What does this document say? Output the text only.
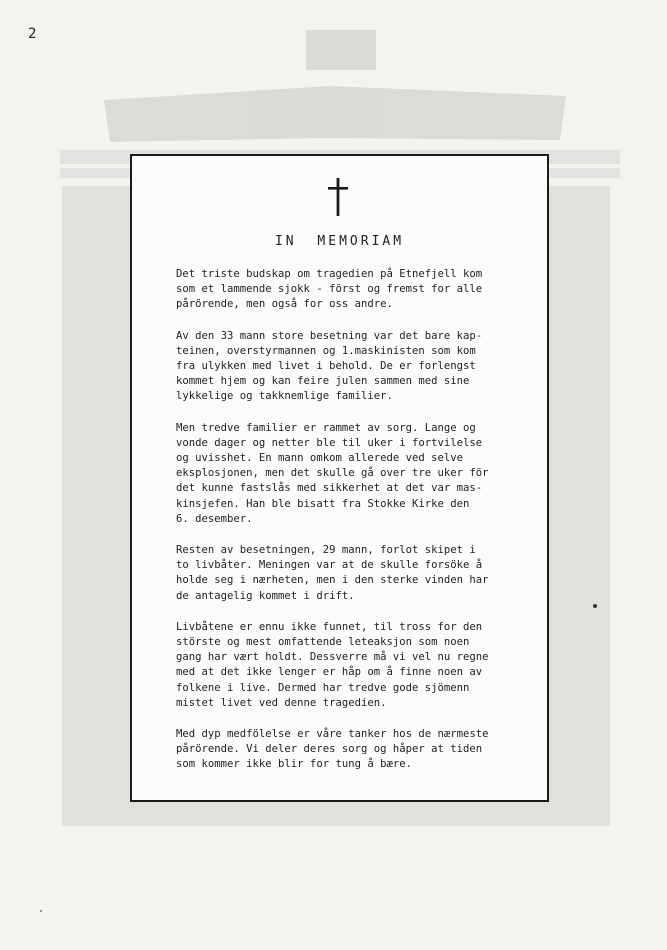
2
IN MEMORIAM

Det triste budskap om tragedien på Etnefjell kom
som et lammende sjokk - först og fremst for alle
pårörende, men også for oss andre.

Av den 33 mann store besetning var det bare kap-
teinen, overstyrmannen og 1.maskinisten som kom
fra ulykken med livet i behold. De er forlengst
kommet hjem og kan feire julen sammen med sine
lykkelige og takknemlige familier.

Men tredve familier er rammet av sorg. Lange og
vonde dager og netter ble til uker i fortvilelse
og uvisshet. En mann omkom allerede ved selve
eksplosjonen, men det skulle gå over tre uker för
det kunne fastslås med sikkerhet at det var mas-
kinsjefen. Han ble bisatt fra Stokke Kirke den
6. desember.

Resten av besetningen, 29 mann, forlot skipet i
to livbåter. Meningen var at de skulle forsöke å
holde seg i nærheten, men i den sterke vinden har
de antagelig kommet i drift.

Livbåtene er ennu ikke funnet, til tross for den
störste og mest omfattende leteaksjon som noen
gang har vært holdt. Dessverre må vi vel nu regne
med at det ikke lenger er håp om å finne noen av
folkene i live. Dermed har tredve gode sjömenn
mistet livet ved denne tragedien.

Med dyp medfölelse er våre tanker hos de nærmeste
pårörende. Vi deler deres sorg og håper at tiden
som kommer ikke blir for tung å bære.
